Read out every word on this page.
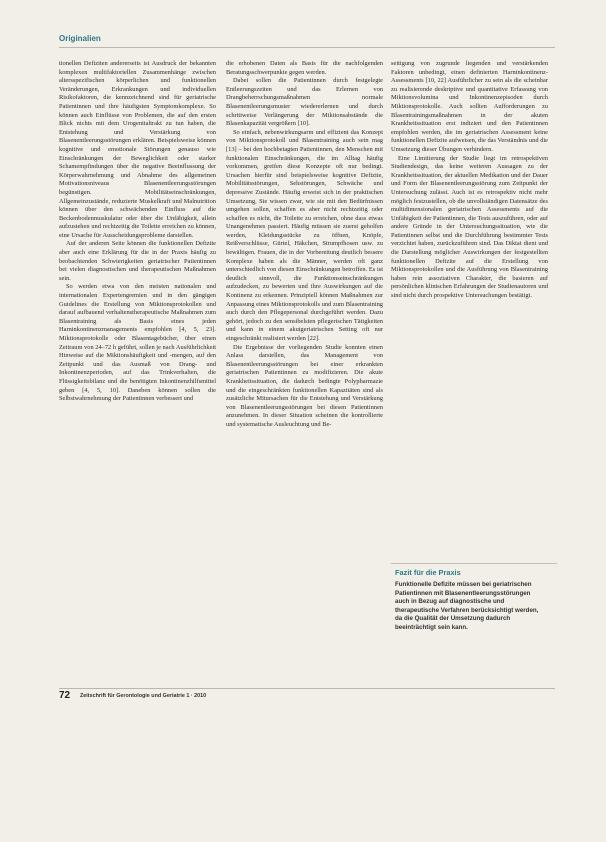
Originalien

tionellen Defiziten andererseits ist Ausdruck der bekannten komplexen multifaktoriellen Zusammenhänge zwischen altersspezifischen körperlichen und funktionellen Veränderungen, Erkrankungen und individuellen Risikofaktoren, die kennzeichnend sind für geriatrische Patientinnen und ihre häufigsten Symptomkomplexe. So können auch Einflüsse von Problemen, die auf den ersten Blick nichts mit dem Urogenitaltrakt zu tun haben, die Entstehung und Verstärkung von Blasenentleerungsstörungen erklären. Beispielsweise können kognitive und emotionale Störungen genauso wie Einschränkungen der Beweglichkeit oder starker Schamempfindungen über die negative Beeinflussung der Körperwahrnehmung und Abnahme des allgemeinen Motivationsniveaus Blasenentleerungsstörungen begünstigen. Mobilitätseinschränkungen, Allgemeinzustände, reduzierte Muskelkraft und Malnutrition können über den schwächenden Einfluss auf die Beckenbodenmuskulatur oder über die Unfähigkeit, allein aufzustehen und rechtzeitig die Toilette erreichen zu können, eine Ursache für Ausscheidungsprobleme darstellen.

Auf der anderen Seite können die funktionellen Defizite aber auch eine Erklärung für die in der Praxis häufig zu beobachtenden Schwierigkeiten geriatrischer Patientinnen bei vielen diagnostischen und therapeutischen Maßnahmen sein.

So werden etwa von den meisten nationalen und internationalen Expertengremien und in den gängigen Guidelines die Erstellung von Miktionsprotokollen und darauf aufbauend verhaltenstherapeutische Maßnahmen zum Blasentraining als Basis eines jeden Harninkontinenzmanagements empfohlen [4, 5, 23]. Miktionsprotokolle oder Blasentagebücher, über einen Zeitraum von 24–72 h geführt, sollen je nach Ausführlichkeit Hinweise auf die Miktionshäufigkeit und -mengen, auf den Zeitpunkt und das Ausmaß von Drang- und Inkontinenzperioden, auf das Trinkverhalten, die Flüssigkeitsbilanz und die benötigten Inkontinenzhilfsmittel geben [4, 5, 10]. Daneben können sollen die Selbstwahrnehmung der Patientinnen verbessert und

die erhobenen Daten als Basis für die nachfolgenden Beratungsschwerpunkte gegen werden.

Dabei sollen die Patientinnen durch festgelegte Entleerungszeiten und das Erlernen von Drangbeherrschungsmaßnahmen normale Blasenentleerungsmuster wiedererlernen und durch schrittweise Verlängerung der Miktionsabstände die Blasenkapazität vergrößern [10].

So einfach, nebenwirkungsarm und effizient das Konzept von Miktionsprotokoll und Blasentraining auch sein mag [13] – bei den hochbetagten Patientinnen, den Menschen mit funktionalen Einschränkungen, die im Alltag häufig vorkommen, greifen diese Konzepte oft nur bedingt. Ursachen hierfür sind beispielsweise kognitive Defizite, Mobilitätsstörungen, Sehstörungen, Schwäche und depressive Zustände. Häufig erweist sich in der praktischen Umsetzung, Sie wissen zwar, wie sie mit den Bedürfnissen umgehen sollen, schaffen es aber nicht rechtzeitig oder schaffen es nicht, die Toilette zu erreichen, ohne dass etwas Unangenehmes passiert. Häufig müssen sie zuerst geholfen werden, Kleidungsstücke zu öffnen, Knöpfe, Reißverschlüsse, Gürtel, Häkchen, Strumpfhosen usw. zu bewältigen. Frauen, die in der Vorbereitung deutlich bessere Komplexe haben als die Männer, werden oft ganz unterschiedlich von diesen Einschränkungen betroffen. Es ist deutlich sinnvoll, die Funktionseinschränkungen aufzudecken, zu bewerten und ihre Auswirkungen auf die Kontinenz zu erkennen. Prinzipiell können Maßnahmen zur Anpassung eines Miktionsprotokolls und zum Blasentraining auch durch den Pflegepersonal durchgeführt werden. Dazu gehört, jedoch zu den sensibelsten pflegerischen Tätigkeiten und kann in einem akutgeriatrischen Setting oft nur eingeschränkt realisiert werden [22].

Die Ergebnisse der vorliegenden Studie konnten einen Anlass darstellen, das Management von Blasenentleerungsstörungen bei einer erkrankten geriatrischen Patientinnen zu modifizieren. Die akute Krankheitssituation, die dadurch bedingte Polypharmazie und die eingeschränkten funktionellen Kapazitäten sind als zusätzliche Mitursachen für die Entstehung und Verstärkung von Blasenentleerungsstörungen bei diesen Patientinnen anzunehmen. In dieser Situation scheinen die kontrollierte und systematische Ausleuchtung und Be-

seitigung von zugrunde liegenden und verstärkenden Faktoren unbedingt, einen definierten Harninkontinenz-Assessments [10, 22] Ausführlicher zu sein als die scheinbar zu realisierende deskriptive und quantitative Erfassung von Miktionsvolumina und Inkontinenzepisoden durch Miktionsprotokolle. Auch sollten Aufforderungen zu Blasentrainingsmaßnahmen in der akuten Krankheitssituation erst indiziert und den Patientinnen empfohlen werden, die im geriatrischen Assessment keine funktionellen Defizite aufweisen, die das Verständnis und die Umsetzung dieser Übungen verhindern.

Eine Limitierung der Studie liegt im retrospektiven Studiendesign, das keine weiteren Aussagen zu der Krankheitssituation, der aktuellen Medikation und der Dauer und Form der Blasenentleerungsstörung zum Zeitpunkt der Untersuchung zulässt. Auch ist es retrospektiv nicht mehr möglich festzustellen, ob die unvollständigen Datensätze des multidimensionalen geriatrischen Assessments auf die Unfähigkeit der Patientinnen, die Tests auszuführen, oder auf andere Gründe in der Untersuchungssituation, wie die Patientinnen selbst und die Durchführung bestimmter Tests verzichtet haben, zurückzuführen sind. Das Diktat dient und die Darstellung möglicher Auswirkungen der festgestellten funktionellen Defizite auf die Erstellung von Miktionsprotokollen und die Ausführung von Blasentraining haben rein assoziativen Charakter, die basieren auf persönlichen klinischen Erfahrungen der Studienautoren und sind nicht durch prospektive Untersuchungen bestätigt.

Fazit für die Praxis
Funktionelle Defizite müssen bei geriatrischen Patientinnen mit Blasenentleerungsstörungen auch in Bezug auf diagnostische und therapeutische Verfahren berücksichtigt werden, da die Qualität der Umsetzung dadurch beeinträchtigt sein kann.
72 Zeitschrift für Gerontologie und Geriatrie 1 · 2010
